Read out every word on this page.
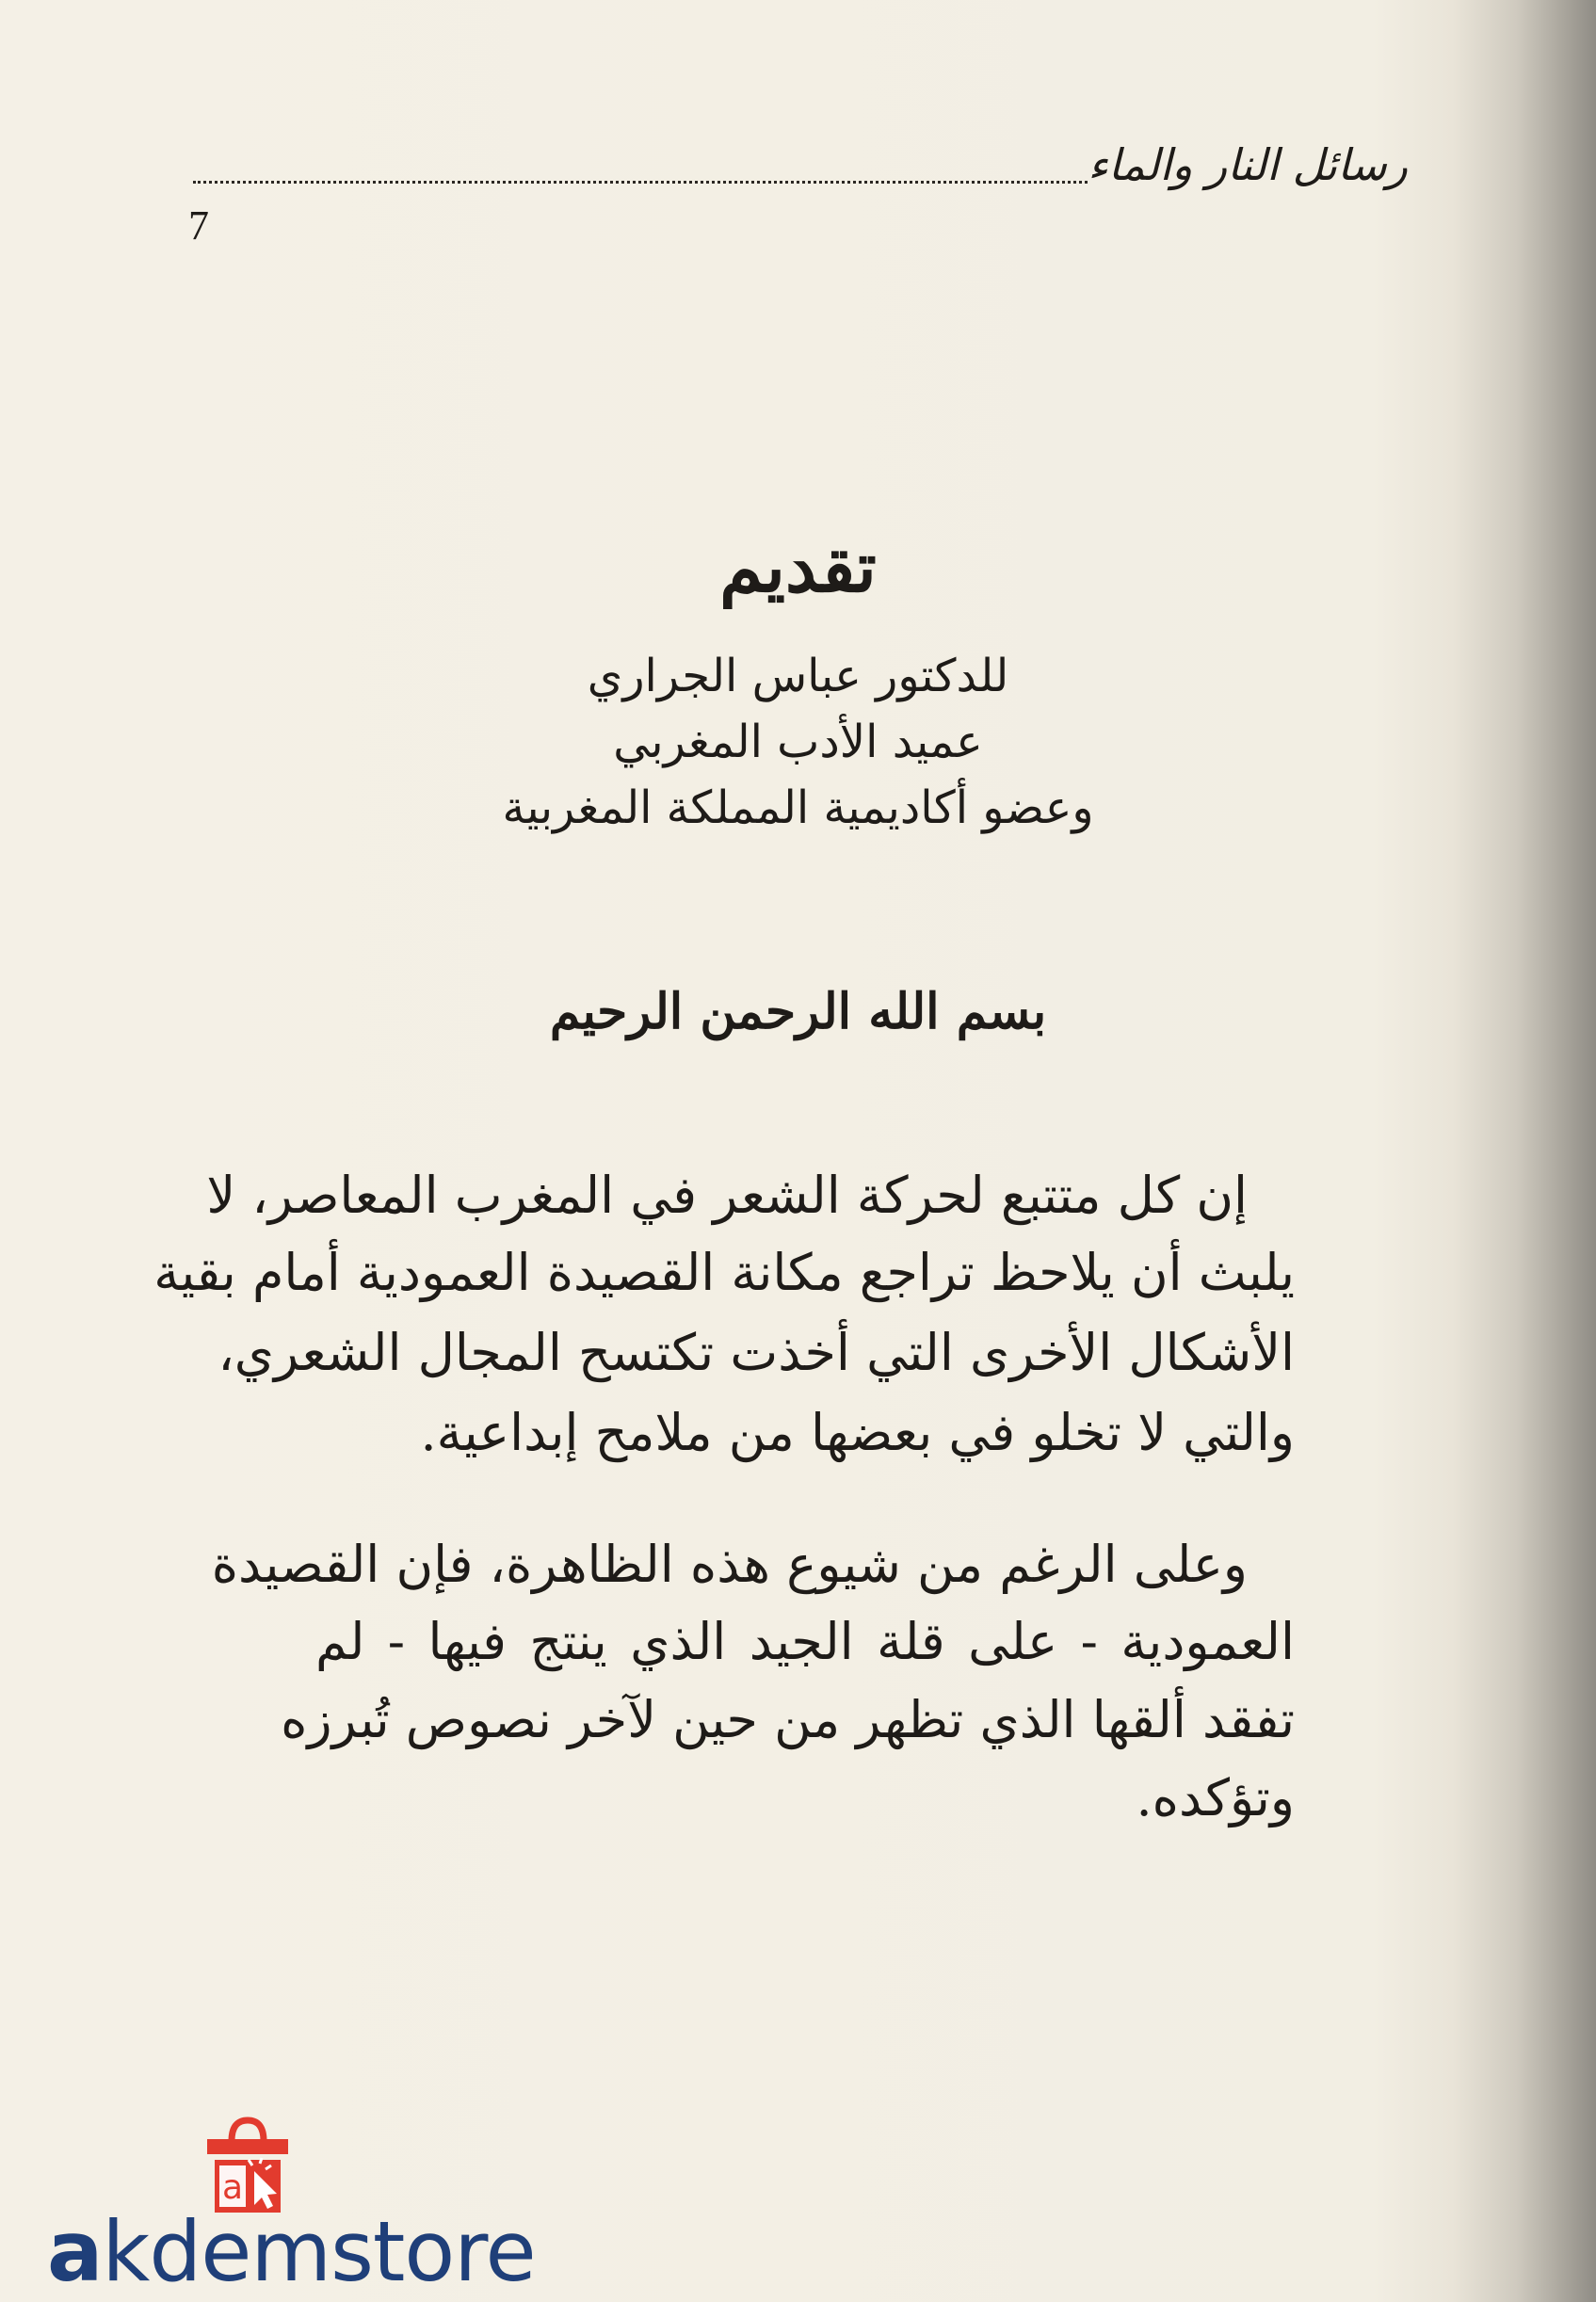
رسائل النار والماء
7
تقديم
للدكتور عباس الجراري
عميد الأدب المغربي
وعضو أكاديمية المملكة المغربية
بسم الله الرحمن الرحيم
إن كل متتبع لحركة الشعر في المغرب المعاصر، لا
يلبث أن يلاحظ تراجع مكانة القصيدة العمودية أمام بقية
الأشكال الأخرى التي أخذت تكتسح المجال الشعري،
والتي لا تخلو في بعضها من ملامح إبداعية.
وعلى الرغم من شيوع هذه الظاهرة، فإن القصيدة
العمودية - على قلة الجيد الذي ينتج فيها - لم
تفقد ألقها الذي تظهر من حين لآخر نصوص تُبرزه
وتؤكده.
a
akdemstore
